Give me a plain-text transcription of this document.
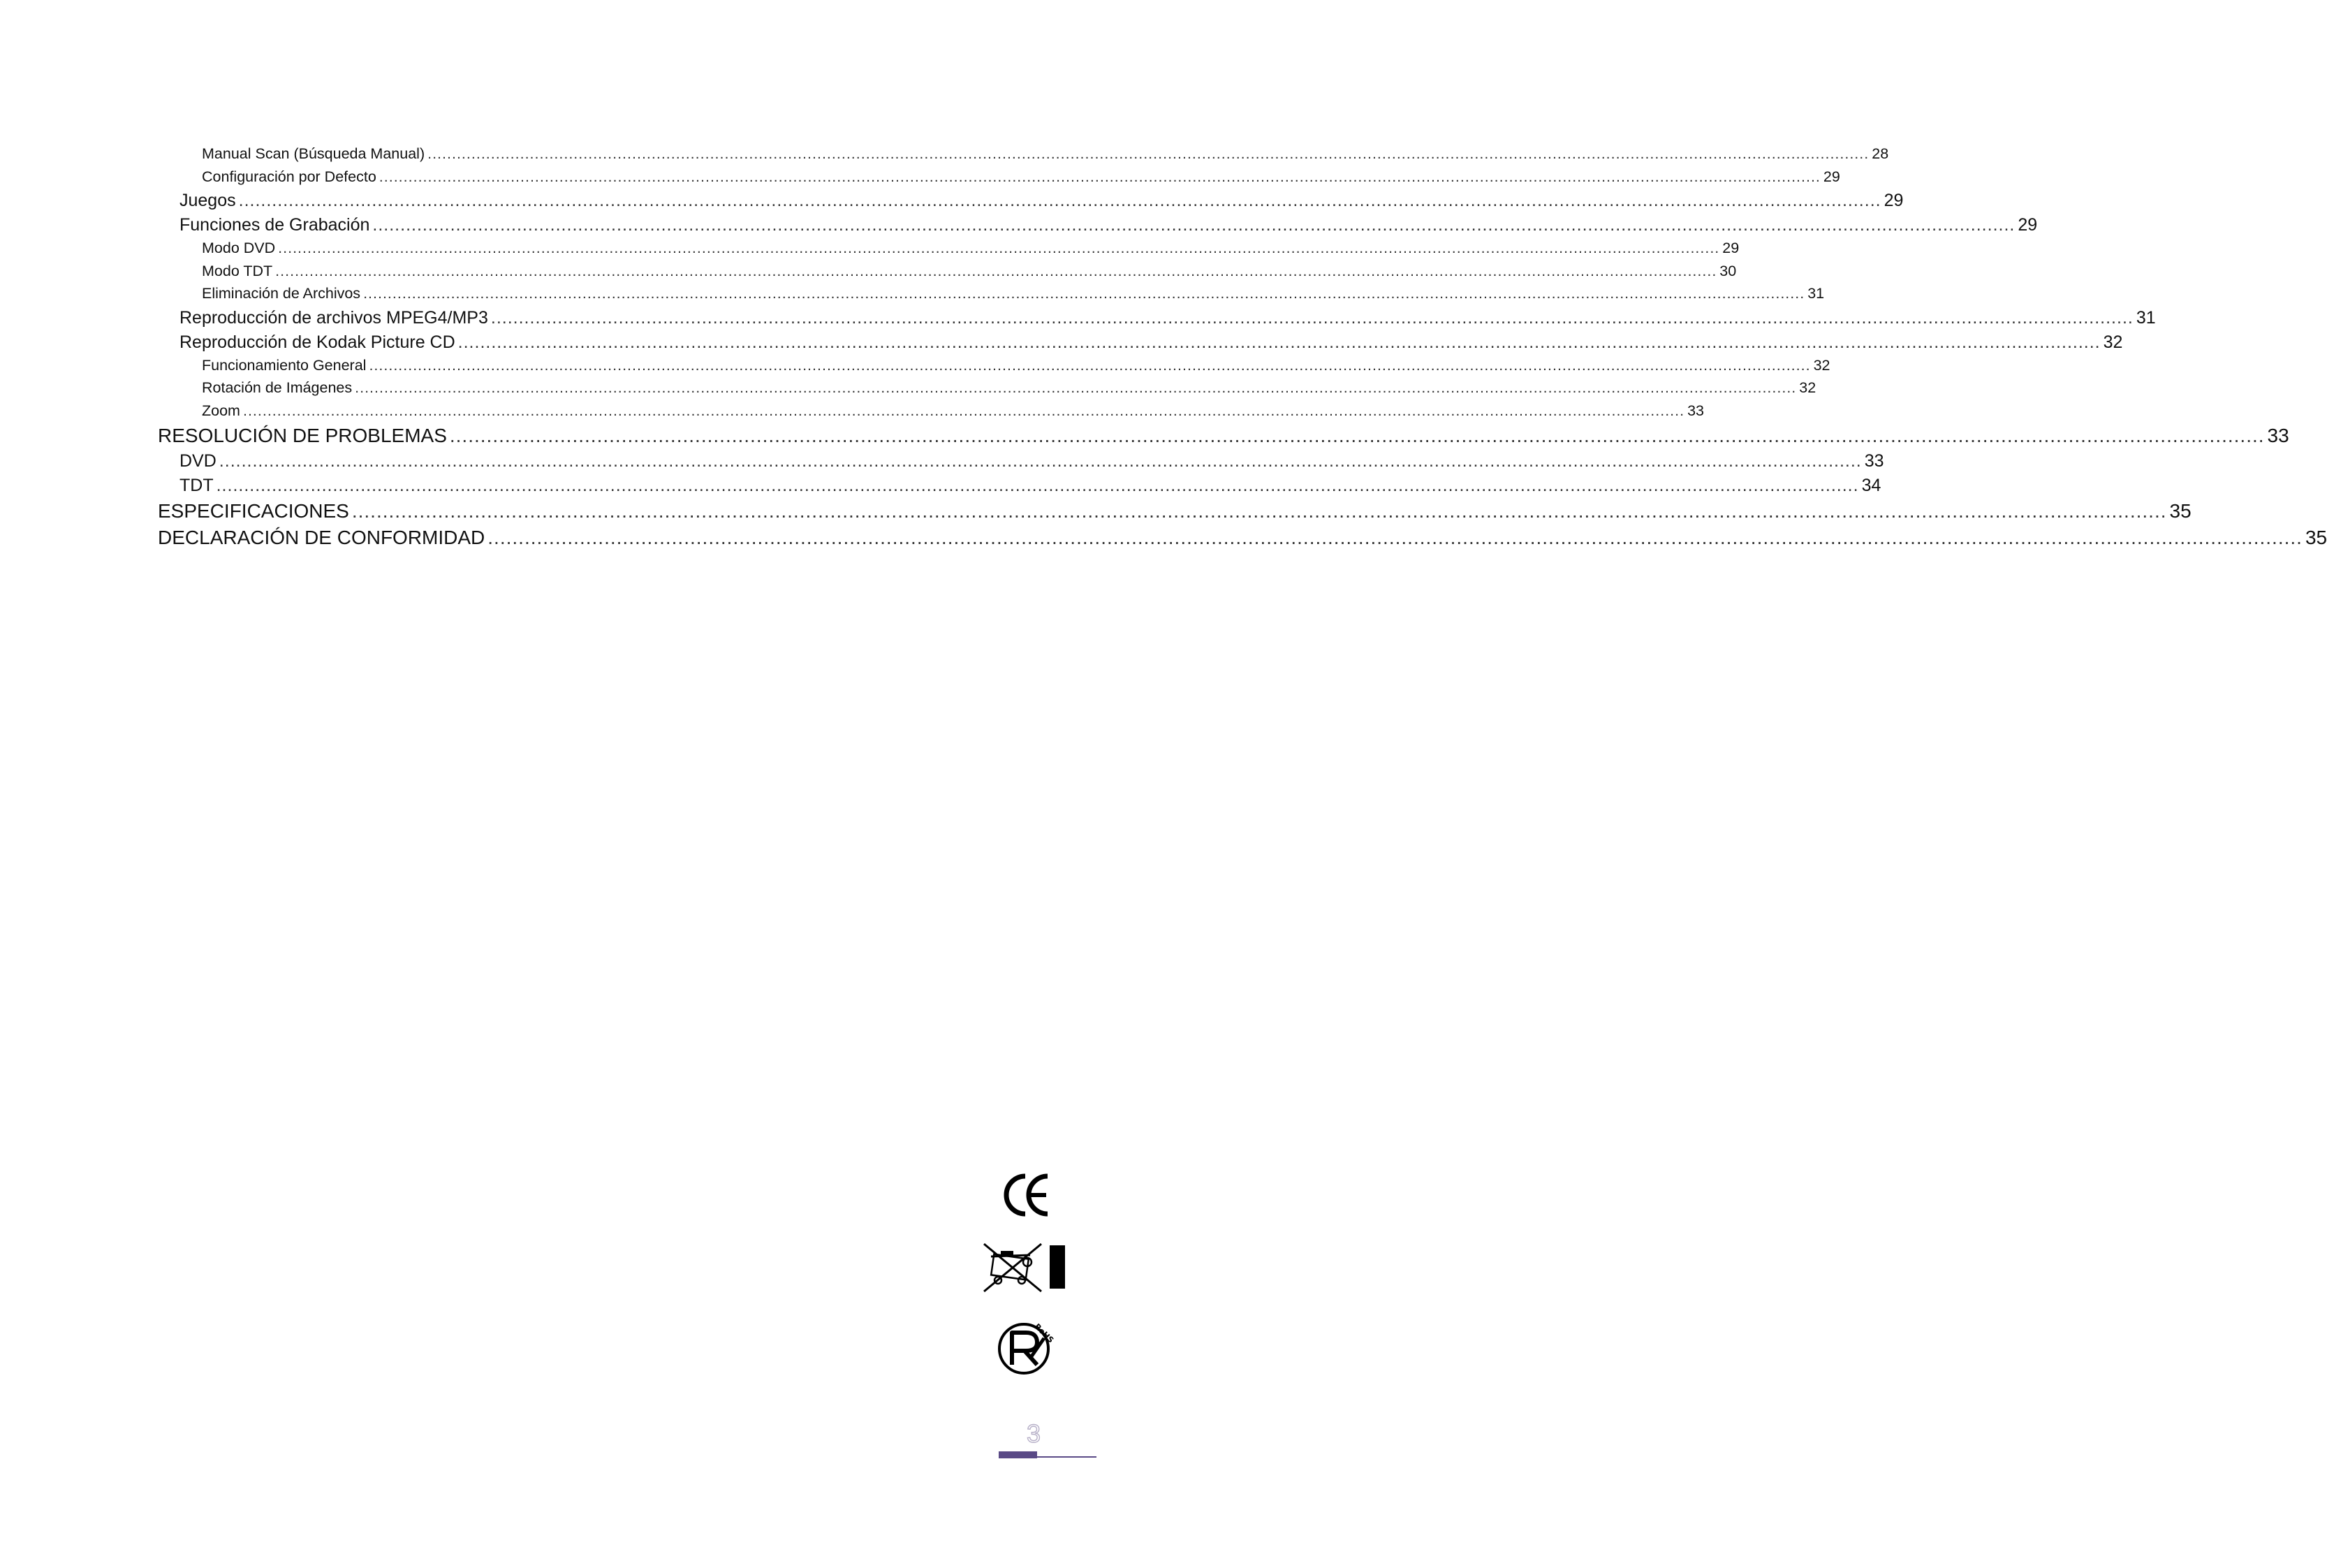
Manual Scan (Búsqueda Manual) .....	28
Configuración por Defecto .....	29
Juegos .....	29
Funciones de Grabación .....	29
Modo DVD .....	29
Modo TDT .....	30
Eliminación de Archivos .....	31
Reproducción de archivos MPEG4/MP3 .....	31
Reproducción de Kodak Picture CD .....	32
Funcionamiento General .....	32
Rotación de Imágenes .....	32
Zoom .....	33
RESOLUCIÓN DE PROBLEMAS .....	33
DVD .....	33
TDT .....	34
ESPECIFICACIONES .....	35
DECLARACIÓN DE CONFORMIDAD .....	35
RoHS
3
